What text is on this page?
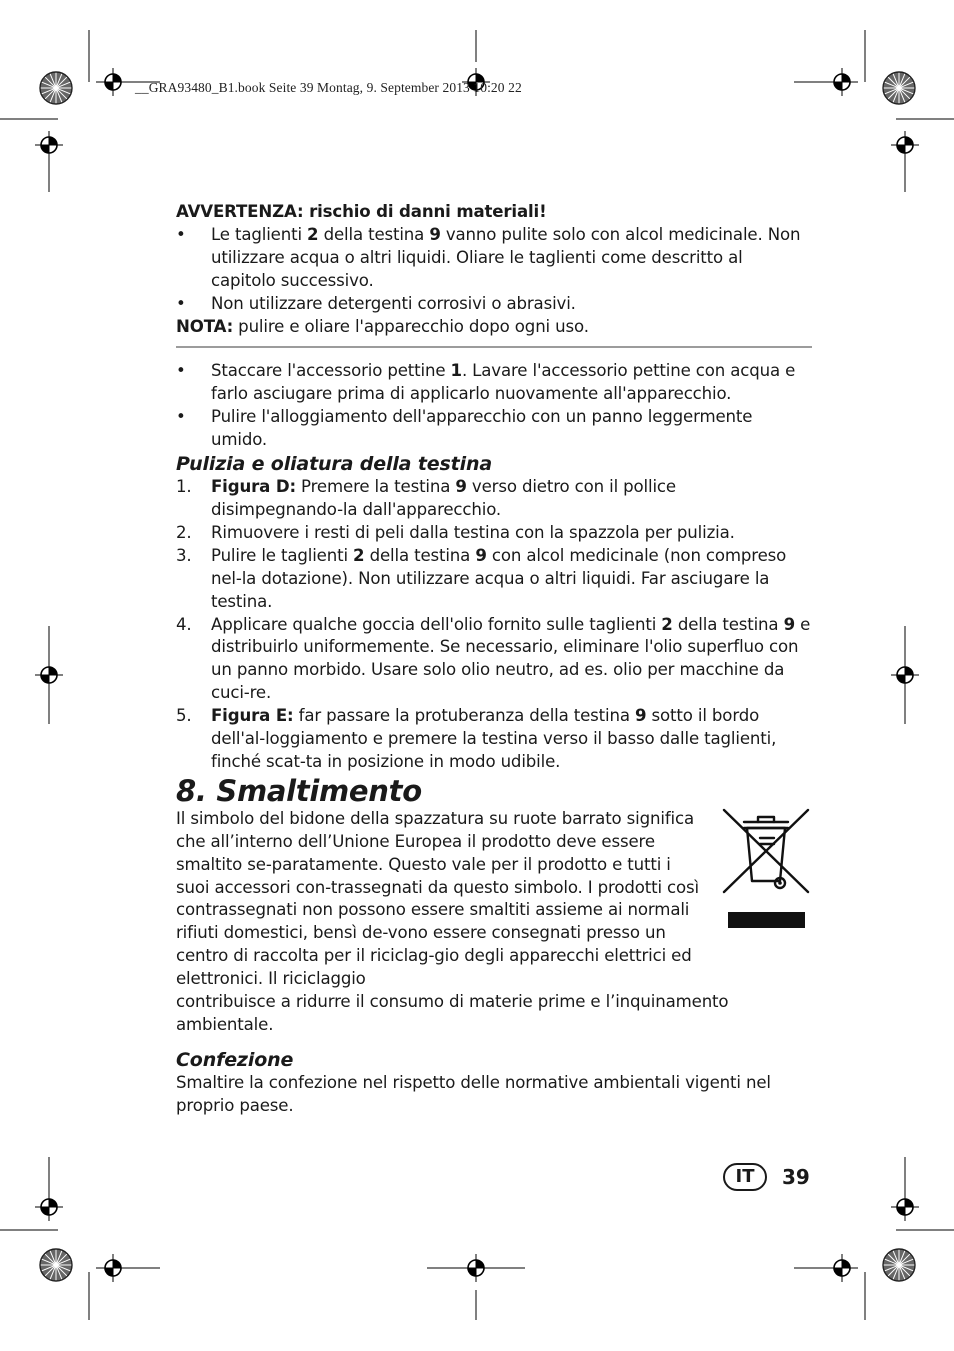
__GRA93480_B1.book Seite 39 Montag, 9. September 2013 10:20 22

AVVERTENZA: rischio di danni materiali!

• Le taglienti 2 della testina 9 vanno pulite solo con alcol medicinale. Non utilizzare acqua o altri liquidi. Oliare le taglienti come descritto al capitolo successivo.
• Non utilizzare detergenti corrosivi o abrasivi.

NOTA: pulire e oliare l'apparecchio dopo ogni uso.

• Staccare l'accessorio pettine 1. Lavare l'accessorio pettine con acqua e farlo asciugare prima di applicarlo nuovamente all'apparecchio.
• Pulire l'alloggiamento dell'apparecchio con un panno leggermente umido.

Pulizia e oliatura della testina

1. Figura D: Premere la testina 9 verso dietro con il pollice disimpegnando-la dall'apparecchio.
2. Rimuovere i resti di peli dalla testina con la spazzola per pulizia.
3. Pulire le taglienti 2 della testina 9 con alcol medicinale (non compreso nel-la dotazione). Non utilizzare acqua o altri liquidi. Far asciugare la testina.
4. Applicare qualche goccia dell'olio fornito sulle taglienti 2 della testina 9 e distribuirlo uniformemente. Se necessario, eliminare l'olio superfluo con un panno morbido. Usare solo olio neutro, ad es. olio per macchine da cuci-re.
5. Figura E: far passare la protuberanza della testina 9 sotto il bordo dell'al-loggiamento e premere la testina verso il basso dalle taglienti, finché scat-ta in posizione in modo udibile.

8. Smaltimento

Il simbolo del bidone della spazzatura su ruote barrato significa che all’interno dell’Unione Europea il prodotto deve essere smaltito se-paratamente. Questo vale per il prodotto e tutti i suoi accessori con-trassegnati da questo simbolo. I prodotti così contrassegnati non possono essere smaltiti assieme ai normali rifiuti domestici, bensì de-vono essere consegnati presso un centro di raccolta per il riciclag-gio degli apparecchi elettrici ed elettronici. Il riciclaggio

contribuisce a ridurre il consumo di materie prime e l’inquinamento ambientale.

Confezione

Smaltire la confezione nel rispetto delle normative ambientali vigenti nel proprio paese.

IT	39
